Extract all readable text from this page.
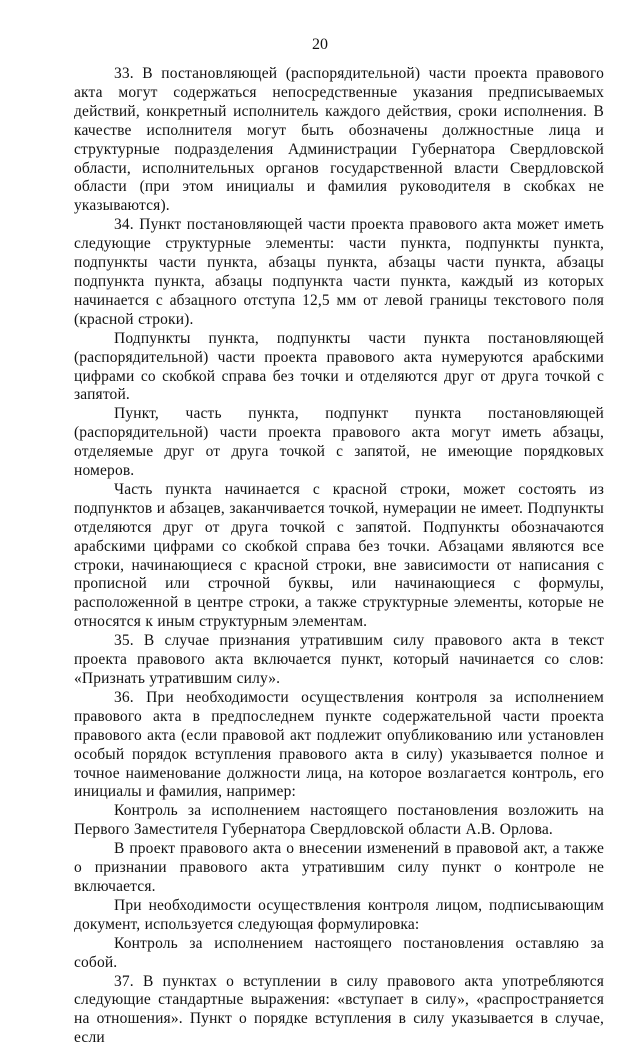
20

33. В постановляющей (распорядительной) части проекта правового акта могут содержаться непосредственные указания предписываемых действий, конкретный исполнитель каждого действия, сроки исполнения. В качестве исполнителя могут быть обозначены должностные лица и структурные подразделения Администрации Губернатора Свердловской области, исполнительных органов государственной власти Свердловской области (при этом инициалы и фамилия руководителя в скобках не указываются).

34. Пункт постановляющей части проекта правового акта может иметь следующие структурные элементы: части пункта, подпункты пункта, подпункты части пункта, абзацы пункта, абзацы части пункта, абзацы подпункта пункта, абзацы подпункта части пункта, каждый из которых начинается с абзацного отступа 12,5 мм от левой границы текстового поля (красной строки).

Подпункты пункта, подпункты части пункта постановляющей (распорядительной) части проекта правового акта нумеруются арабскими цифрами со скобкой справа без точки и отделяются друг от друга точкой с запятой.

Пункт, часть пункта, подпункт пункта постановляющей (распорядительной) части проекта правового акта могут иметь абзацы, отделяемые друг от друга точкой с запятой, не имеющие порядковых номеров.

Часть пункта начинается с красной строки, может состоять из подпунктов и абзацев, заканчивается точкой, нумерации не имеет. Подпункты отделяются друг от друга точкой с запятой. Подпункты обозначаются арабскими цифрами со скобкой справа без точки. Абзацами являются все строки, начинающиеся с красной строки, вне зависимости от написания с прописной или строчной буквы, или начинающиеся с формулы, расположенной в центре строки, а также структурные элементы, которые не относятся к иным структурным элементам.

35. В случае признания утратившим силу правового акта в текст проекта правового акта включается пункт, который начинается со слов: «Признать утратившим силу».

36. При необходимости осуществления контроля за исполнением правового акта в предпоследнем пункте содержательной части проекта правового акта (если правовой акт подлежит опубликованию или установлен особый порядок вступления правового акта в силу) указывается полное и точное наименование должности лица, на которое возлагается контроль, его инициалы и фамилия, например:

Контроль за исполнением настоящего постановления возложить на Первого Заместителя Губернатора Свердловской области А.В. Орлова.

В проект правового акта о внесении изменений в правовой акт, а также о признании правового акта утратившим силу пункт о контроле не включается.

При необходимости осуществления контроля лицом, подписывающим документ, используется следующая формулировка:

Контроль за исполнением настоящего постановления оставляю за собой.

37. В пунктах о вступлении в силу правового акта употребляются следующие стандартные выражения: «вступает в силу», «распространяется на отношения». Пункт о порядке вступления в силу указывается в случае, если
